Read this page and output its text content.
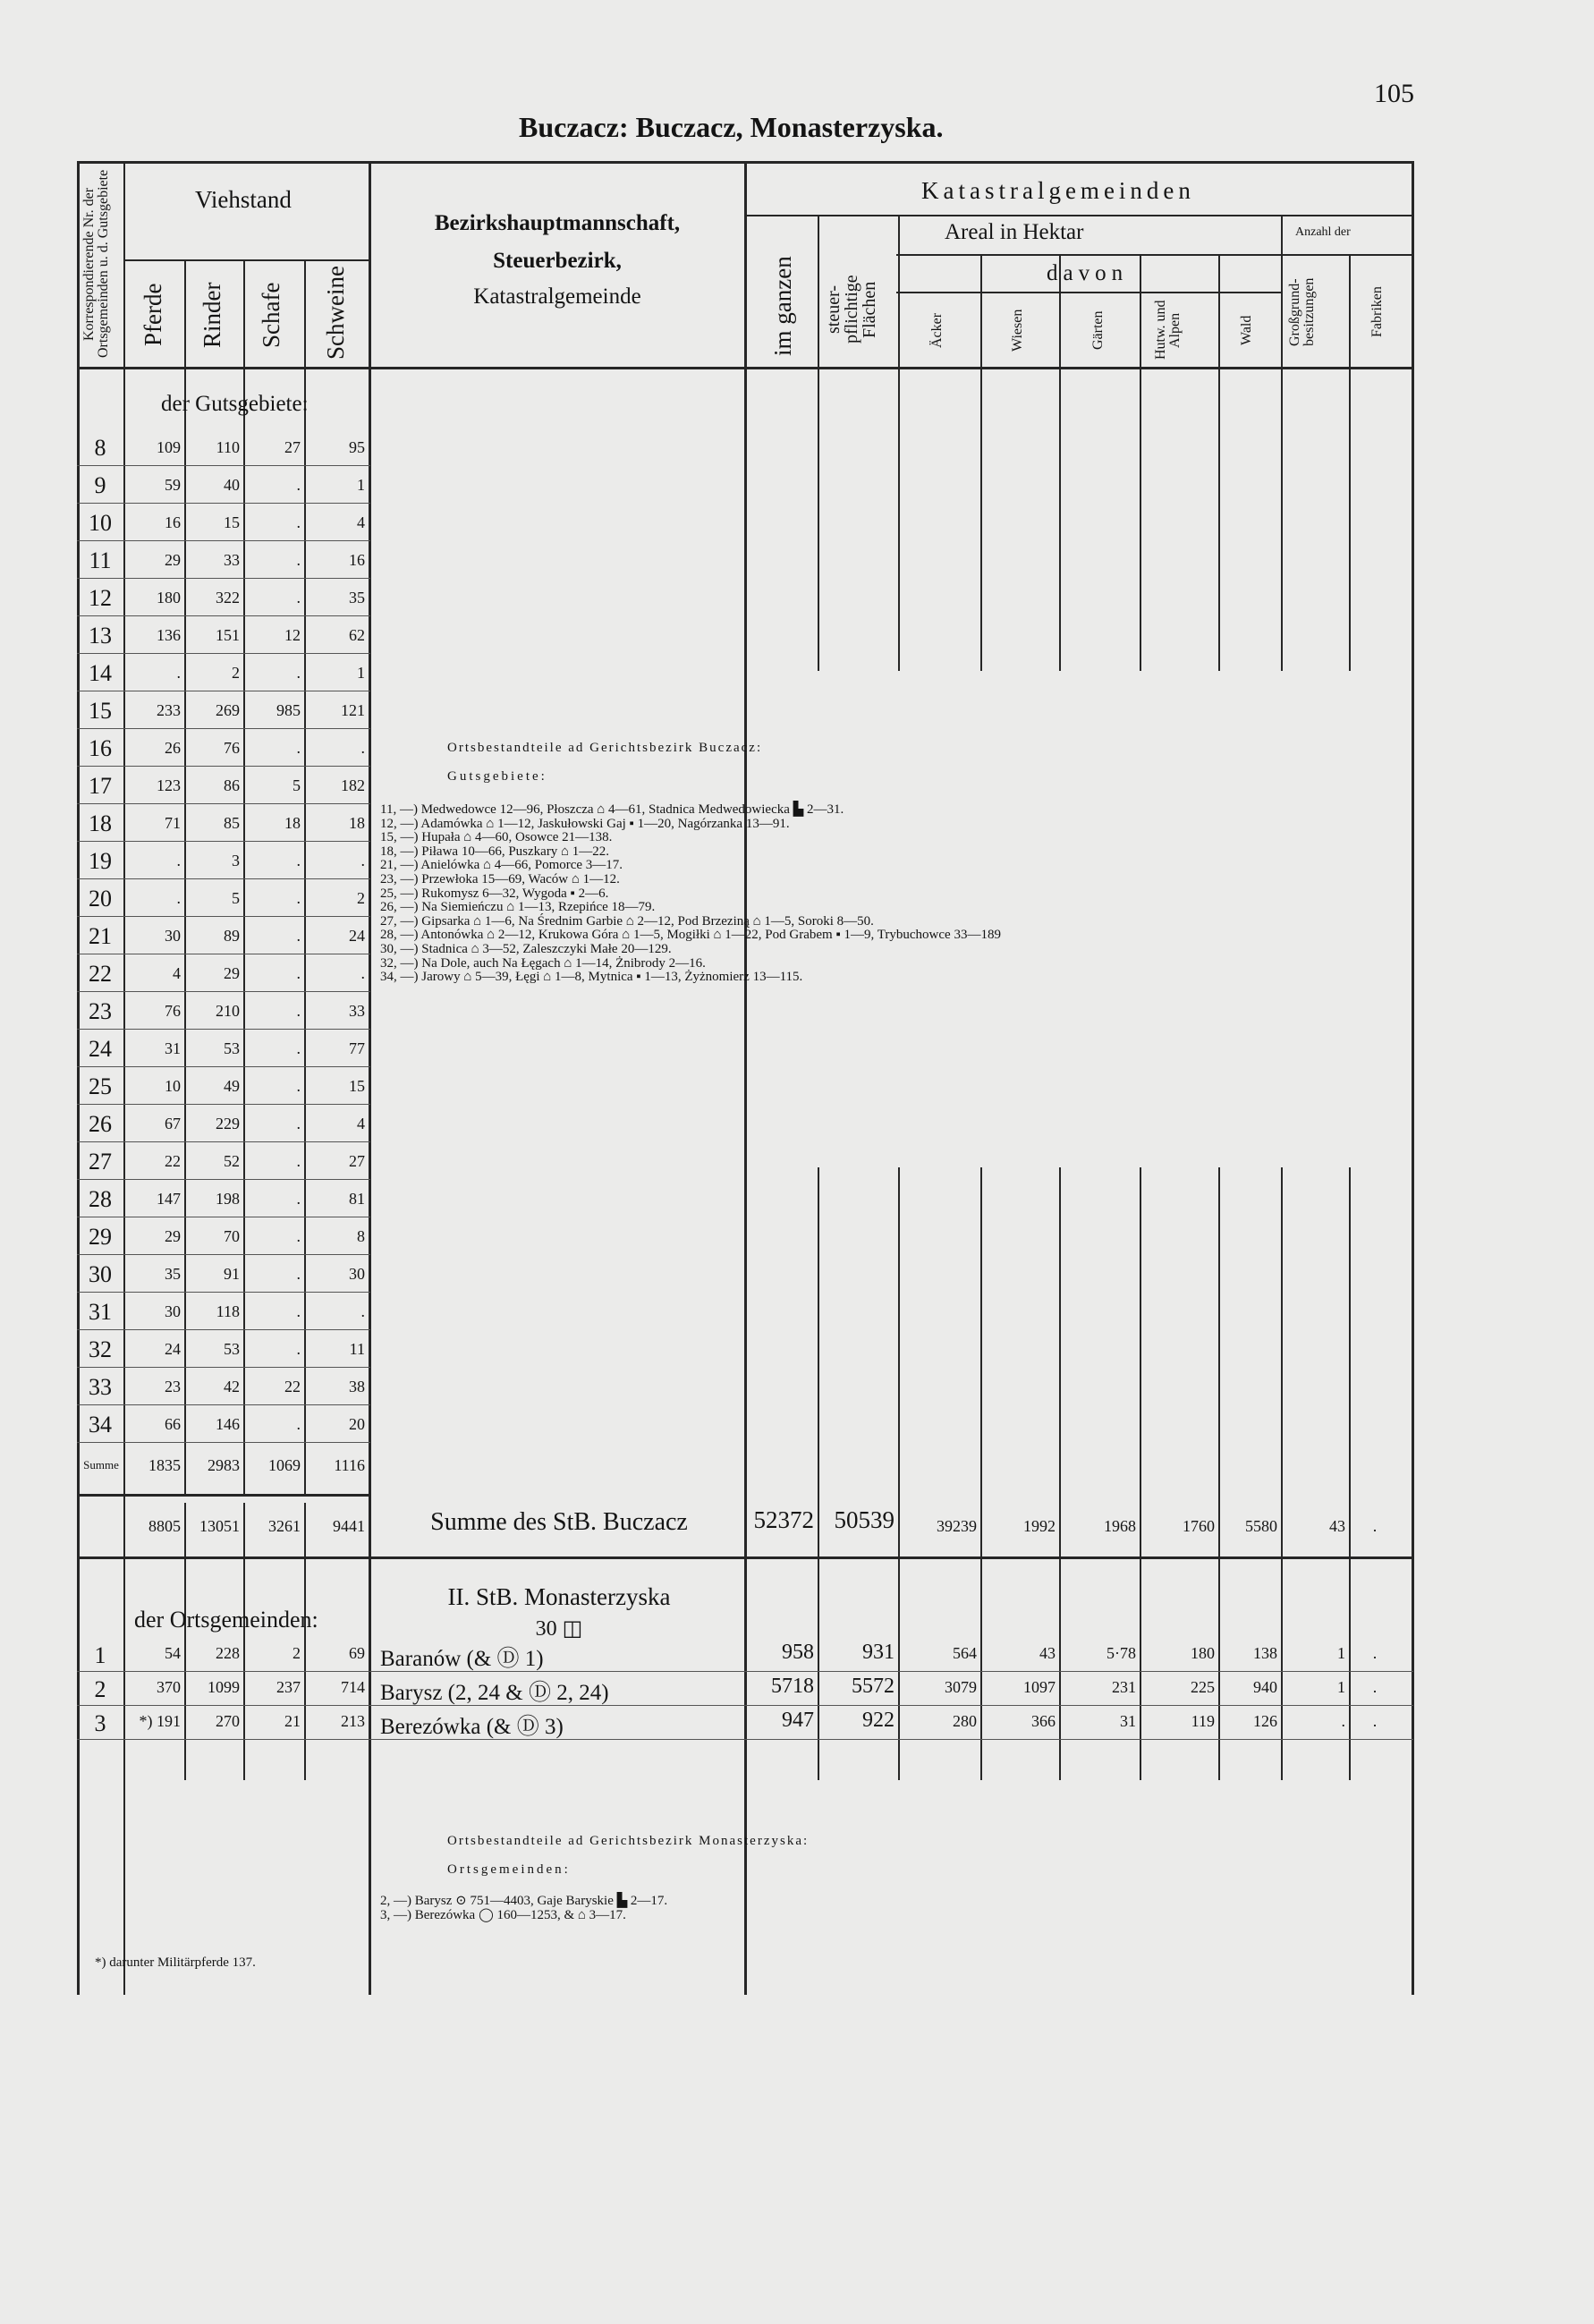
Buczacz: Buczacz, Monasterzyska.
105
Korrespondierende Nr. der Ortsgemeinden u. d. Gutsgebiete	Viehstand
Pferde Rinder Schafe Schweine
Bezirkshauptmannschaft,
Steuerbezirk,
Katastralgemeinde
Katastralgemeinden
Areal in Hektar	Anzahl der
im ganzen	steuer-pflichtige Flächen
davon
Äcker	Wiesen	Gärten	Hutw. und Alpen	Wald	Großgrund-besitzungen	Fabriken
der Gutsgebiete:
8	109	110	27	95
9	59	40	.	1
10	16	15	.	4
11	29	33	.	16
12	180	322	.	35
13	136	151	12	62
14	.	2	.	1
15	233	269	985	121
16	26	76	.	.
17	123	86	5	182
18	71	85	18	18
19	.	3	.	.
20	.	5	.	2
21	30	89	.	24
22	4	29	.	.
23	76	210	.	33
24	31	53	.	77
25	10	49	.	15
26	67	229	.	4
27	22	52	.	27
28	147	198	.	81
29	29	70	.	8
30	35	91	.	30
31	30	118	.	.
32	24	53	.	11
33	23	42	22	38
34	66	146	.	20
Summe	1835	2983	1069	1116
Ortsbestandteile ad Gerichtsbezirk Buczacz:
Gutsgebiete:
11, —) Medwedowce 12—96, Płoszcza ⌂ 4—61, Stadnica Medwedowiecka ▙ 2—31.
12, —) Adamówka ⌂ 1—12, Jaskułowski Gaj ▪ 1—20, Nagórzanka 13—91.
15, —) Hupała ⌂ 4—60, Osowce 21—138.
18, —) Piława 10—66, Puszkary ⌂ 1—22.
21, —) Anielówka ⌂ 4—66, Pomorce 3—17.
23, —) Przewłoka 15—69, Waców ⌂ 1—12.
25, —) Rukomysz 6—32, Wygoda ▪ 2—6.
26, —) Na Siemieńczu ⌂ 1—13, Rzepińce 18—79.
27, —) Gipsarka ⌂ 1—6, Na Średnim Garbie ⌂ 2—12, Pod Brzeziną ⌂ 1—5, Soroki 8—50.
28, —) Antonówka ⌂ 2—12, Krukowa Góra ⌂ 1—5, Mogiłki ⌂ 1—22, Pod Grabem ▪ 1—9, Trybuchowce 33—189
30, —) Stadnica ⌂ 3—52, Zaleszczyki Małe 20—129.
32, —) Na Dole, auch Na Łęgach ⌂ 1—14, Żnibrody 2—16.
34, —) Jarowy ⌂ 5—39, Łęgi ⌂ 1—8, Mytnica ▪ 1—13, Żyżnomierz 13—115.
8805	13051	3261	9441	Summe des StB. Buczacz	52372 50539	39239	1992	1968	1760	5580	43	.
II. StB. Monasterzyska
30 ◫
der Ortsgemeinden:
1	54	228	2	69 Baranów (& Ⓓ 1)	958	931	564	43	5·78	180	138	1	.
2	370	1099	237	714 Barysz (2, 24 & Ⓓ 2, 24)	5718	5572	3079	1097	231	225	940	1	.
3	*) 191	270	21	213 Berezówka (& Ⓓ 3)	947	922	280	366	31	119	126	.	.
Ortsbestandteile ad Gerichtsbezirk Monasterzyska:
Ortsgemeinden:
2, —) Barysz ⊙ 751—4403, Gaje Baryskie ▙ 2—17.
3, —) Berezówka ◯ 160—1253, & ⌂ 3—17.
*) darunter Militärpferde 137.
